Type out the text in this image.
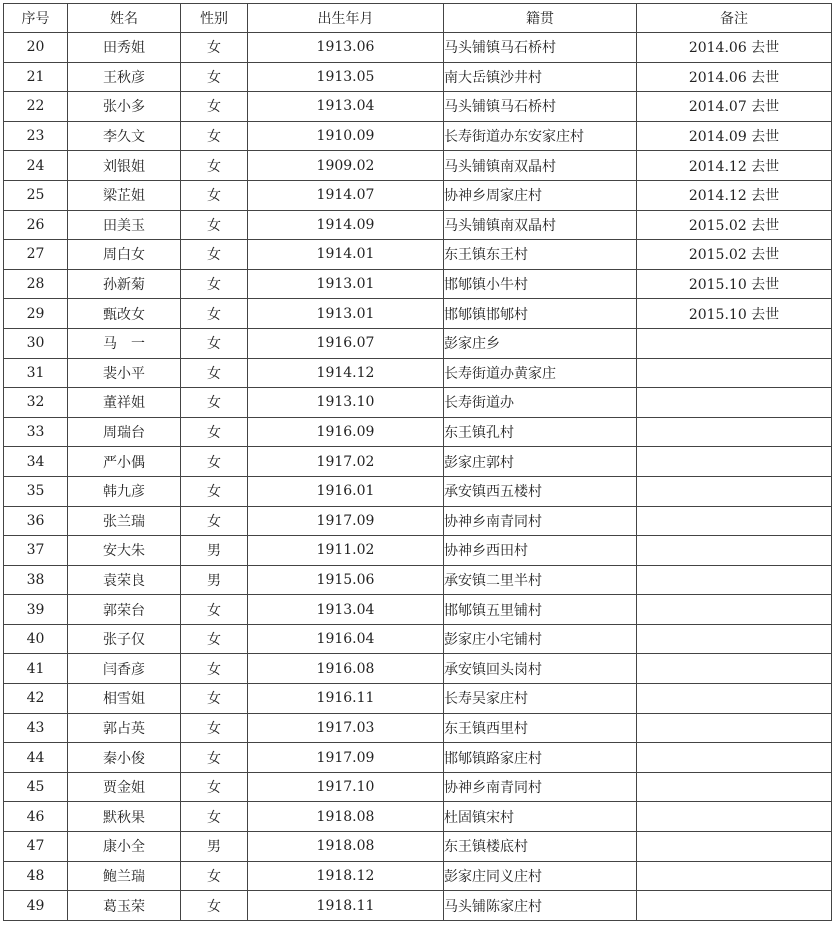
序号	姓名	性别	出生年月	籍贯	备注
20	田秀姐	女	1913.06	马头铺镇马石桥村	2014.06 去世
21	王秋彦	女	1913.05	南大岳镇沙井村	2014.06 去世
22	张小多	女	1913.04	马头铺镇马石桥村	2014.07 去世
23	李久文	女	1910.09	长寿街道办东安家庄村	2014.09 去世
24	刘银姐	女	1909.02	马头铺镇南双晶村	2014.12 去世
25	梁芷姐	女	1914.07	协神乡周家庄村	2014.12 去世
26	田美玉	女	1914.09	马头铺镇南双晶村	2015.02 去世
27	周白女	女	1914.01	东王镇东王村	2015.02 去世
28	孙新菊	女	1913.01	邯郇镇小牛村	2015.10 去世
29	甄改女	女	1913.01	邯郇镇邯郇村	2015.10 去世
30	马　一	女	1916.07	彭家庄乡	
31	裴小平	女	1914.12	长寿街道办黄家庄	
32	董祥姐	女	1913.10	长寿街道办	
33	周瑞台	女	1916.09	东王镇孔村	
34	严小偶	女	1917.02	彭家庄郭村	
35	韩九彦	女	1916.01	承安镇西五楼村	
36	张兰瑞	女	1917.09	协神乡南青同村	
37	安大朱	男	1911.02	协神乡西田村	
38	袁荣良	男	1915.06	承安镇二里半村	
39	郭荣台	女	1913.04	邯郇镇五里铺村	
40	张子仅	女	1916.04	彭家庄小宅铺村	
41	闫香彦	女	1916.08	承安镇回头岗村	
42	相雪姐	女	1916.11	长寿吴家庄村	
43	郭占英	女	1917.03	东王镇西里村	
44	秦小俊	女	1917.09	邯郇镇路家庄村	
45	贾金姐	女	1917.10	协神乡南青同村	
46	默秋果	女	1918.08	杜固镇宋村	
47	康小全	男	1918.08	东王镇楼底村	
48	鲍兰瑞	女	1918.12	彭家庄同义庄村	
49	葛玉荣	女	1918.11	马头铺陈家庄村	
